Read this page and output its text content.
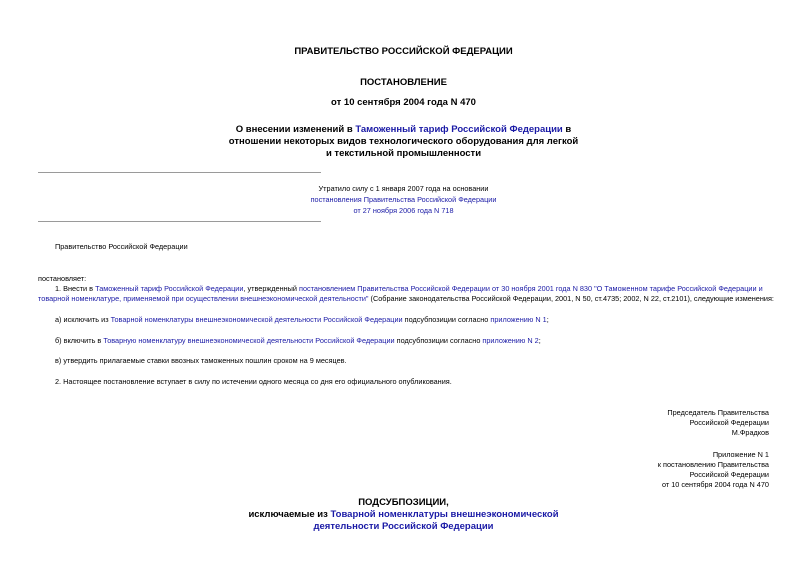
ПРАВИТЕЛЬСТВО РОССИЙСКОЙ ФЕДЕРАЦИИ
ПОСТАНОВЛЕНИЕ
от 10 сентября 2004 года N 470
О внесении изменений в Таможенный тариф Российской Федерации в
отношении некоторых видов технологического оборудования для легкой
и текстильной промышленности
Утратило силу с 1 января 2007 года на основании
постановления Правительства Российской Федерации
от 27 ноября 2006 года N 718
Правительство Российской Федерации
постановляет:
1. Внести в Таможенный тариф Российской Федерации, утвержденный постановлением Правительства Российской Федерации от 30 ноября 2001 года N 830 "О Таможенном тарифе Российской Федерации и
товарной номенклатуре, применяемой при осуществлении внешнеэкономической деятельности" (Собрание законодательства Российской Федерации, 2001, N 50, ст.4735; 2002, N 22, ст.2101), следующие изменения:
а) исключить из Товарной номенклатуры внешнеэкономической деятельности Российской Федерации подсубпозиции согласно приложению N 1;
б) включить в Товарную номенклатуру внешнеэкономической деятельности Российской Федерации подсубпозиции согласно приложению N 2;
в) утвердить прилагаемые ставки ввозных таможенных пошлин сроком на 9 месяцев.
2. Настоящее постановление вступает в силу по истечении одного месяца со дня его официального опубликования.
Председатель Правительства
Российской Федерации
М.Фрадков
Приложение N 1
к постановлению Правительства
Российской Федерации
от 10 сентября 2004 года N 470
ПОДСУБПОЗИЦИИ,
исключаемые из Товарной номенклатуры внешнеэкономической
деятельности Российской Федерации
